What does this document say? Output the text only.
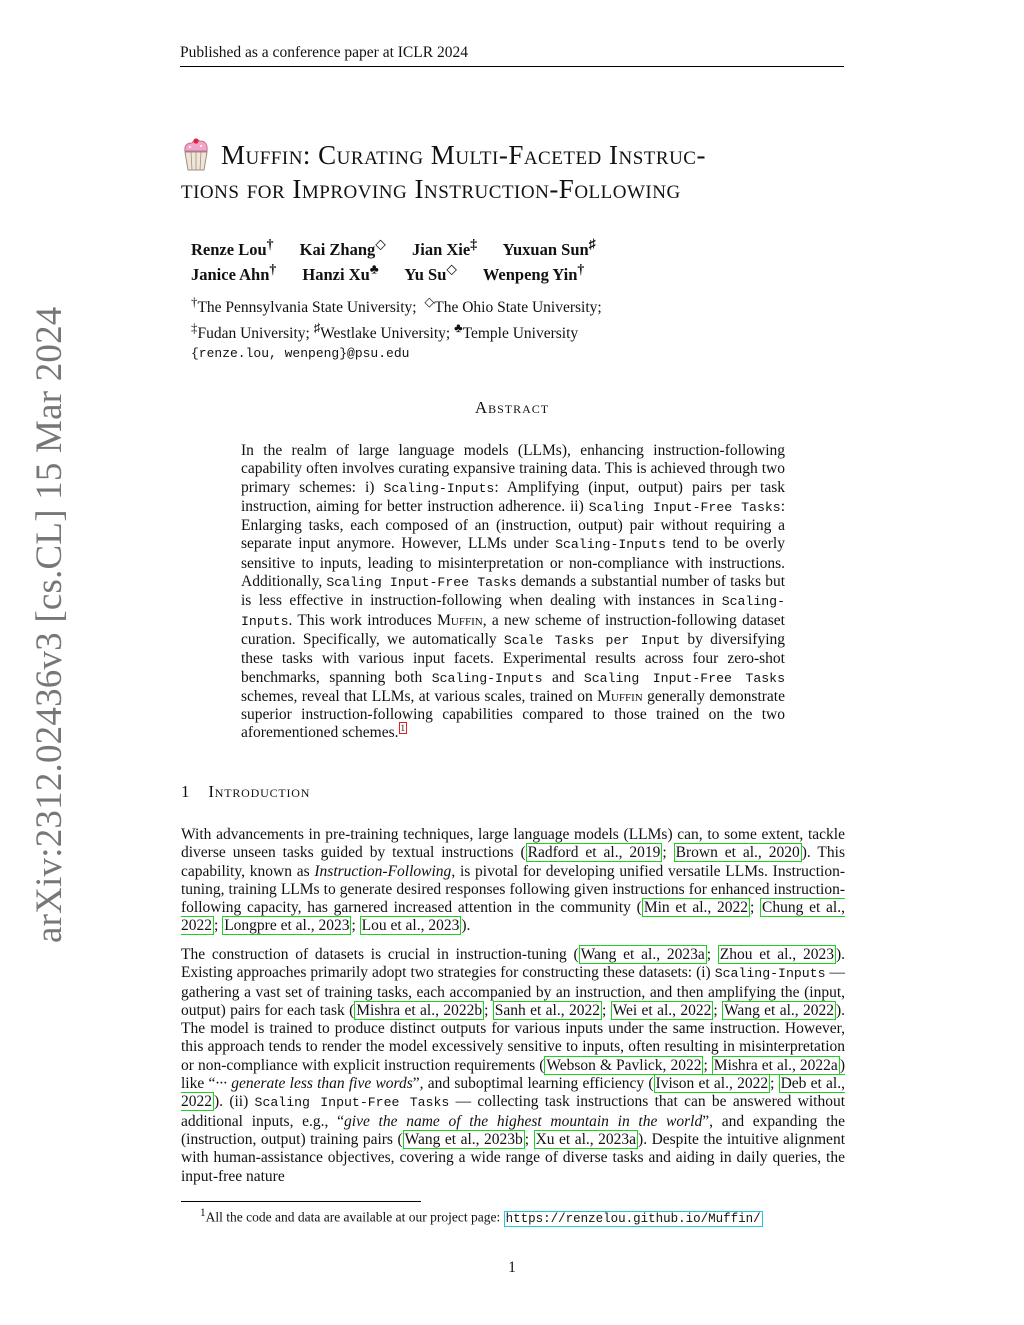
Published as a conference paper at ICLR 2024
arXiv:2312.02436v3 [cs.CL] 15 Mar 2024
Muffin: Curating Multi-Faceted Instruc-
tions for Improving Instruction-Following
Renze Lou† Kai Zhang◇ Jian Xie‡ Yuxuan Sun♯
Janice Ahn† Hanzi Xu♣ Yu Su◇ Wenpeng Yin†
†The Pennsylvania State University; ◇The Ohio State University;
‡Fudan University; ♯Westlake University; ♣Temple University
{renze.lou, wenpeng}@psu.edu
Abstract
In the realm of large language models (LLMs), enhancing instruction-following capability often involves curating expansive training data. This is achieved through two primary schemes: i) Scaling-Inputs: Amplifying (input, output) pairs per task instruction, aiming for better instruction adherence. ii) Scaling Input-Free Tasks: Enlarging tasks, each composed of an (instruction, output) pair without requiring a separate input anymore. However, LLMs under Scaling-Inputs tend to be overly sensitive to inputs, leading to misinterpretation or non-compliance with instructions. Additionally, Scaling Input-Free Tasks demands a substantial number of tasks but is less effective in instruction-following when dealing with instances in Scaling-Inputs. This work introduces Muffin, a new scheme of instruction-following dataset curation. Specifically, we automatically Scale Tasks per Input by diversifying these tasks with various input facets. Experimental results across four zero-shot benchmarks, spanning both Scaling-Inputs and Scaling Input-Free Tasks schemes, reveal that LLMs, at various scales, trained on Muffin generally demonstrate superior instruction-following capabilities compared to those trained on the two aforementioned schemes. $^1$
1 Introduction
With advancements in pre-training techniques, large language models (LLMs) can, to some extent, tackle diverse unseen tasks guided by textual instructions ( Radford et al., 2019 ; Brown et al., 2020 ). This capability, known as Instruction-Following, is pivotal for developing unified versatile LLMs. Instruction-tuning, training LLMs to generate desired responses following given instructions for enhanced instruction-following capacity, has garnered increased attention in the community ( Min et al., 2022 ; Chung et al., 2022 ; Longpre et al., 2023 ; Lou et al., 2023 ).
The construction of datasets is crucial in instruction-tuning ( Wang et al., 2023a ; Zhou et al., 2023 ). Existing approaches primarily adopt two strategies for constructing these datasets: (i) Scaling-Inputs — gathering a vast set of training tasks, each accompanied by an instruction, and then amplifying the (input, output) pairs for each task ( Mishra et al., 2022b ; Sanh et al., 2022 ; Wei et al., 2022 ; Wang et al., 2022 ). The model is trained to produce distinct outputs for various inputs under the same instruction. However, this approach tends to render the model excessively sensitive to inputs, often resulting in misinterpretation or non-compliance with explicit instruction requirements ( Webson & Pavlick, 2022 ; Mishra et al., 2022a ) like “··· generate less than five words”, and suboptimal learning efficiency ( Ivison et al., 2022 ; Deb et al., 2022 ). (ii) Scaling Input-Free Tasks — collecting task instructions that can be answered without additional inputs, e.g., “give the name of the highest mountain in the world”, and expanding the (instruction, output) training pairs ( Wang et al., 2023b ; Xu et al., 2023a ). Despite the intuitive alignment with human-assistance objectives, covering a wide range of diverse tasks and aiding in daily queries, the input-free nature
$^1$All the code and data are available at our project page: https://renzelou.github.io/Muffin/
1
